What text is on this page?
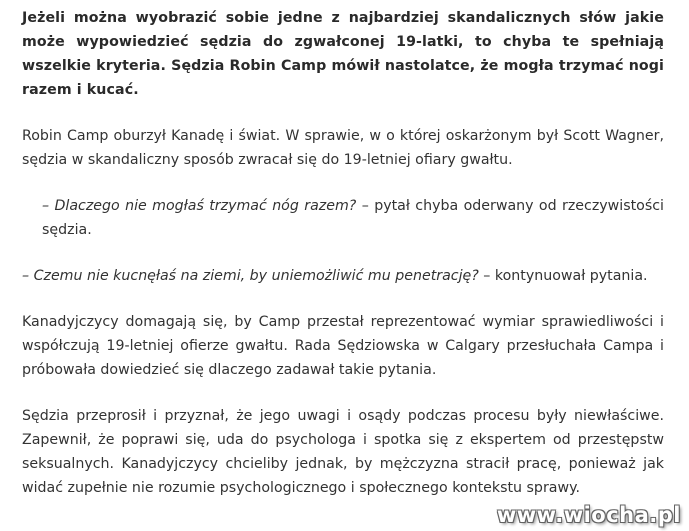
Jeżeli można wyobrazić sobie jedne z najbardziej skandalicznych słów jakie może wypowiedzieć sędzia do zgwałconej 19-latki, to chyba te spełniają wszelkie kryteria. Sędzia Robin Camp mówił nastolatce, że mogła trzymać nogi razem i kucać.

Robin Camp oburzył Kanadę i świat. W sprawie, w o której oskarżonym był Scott Wagner, sędzia w skandaliczny sposób zwracał się do 19-letniej ofiary gwałtu.

– Dlaczego nie mogłaś trzymać nóg razem? – pytał chyba oderwany od rzeczywistości sędzia.

– Czemu nie kucnęłaś na ziemi, by uniemożliwić mu penetrację? – kontynuował pytania.

Kanadyjczycy domagają się, by Camp przestał reprezentować wymiar sprawiedliwości i współczują 19-letniej ofierze gwałtu. Rada Sędziowska w Calgary przesłuchała Campa i próbowała dowiedzieć się dlaczego zadawał takie pytania.

Sędzia przeprosił i przyznał, że jego uwagi i osądy podczas procesu były niewłaściwe. Zapewnił, że poprawi się, uda do psychologa i spotka się z ekspertem od przestępstw seksualnych. Kanadyjczycy chcieliby jednak, by mężczyzna stracił pracę, ponieważ jak widać zupełnie nie rozumie psychologicznego i społecznego kontekstu sprawy.

www.wiocha.pl
